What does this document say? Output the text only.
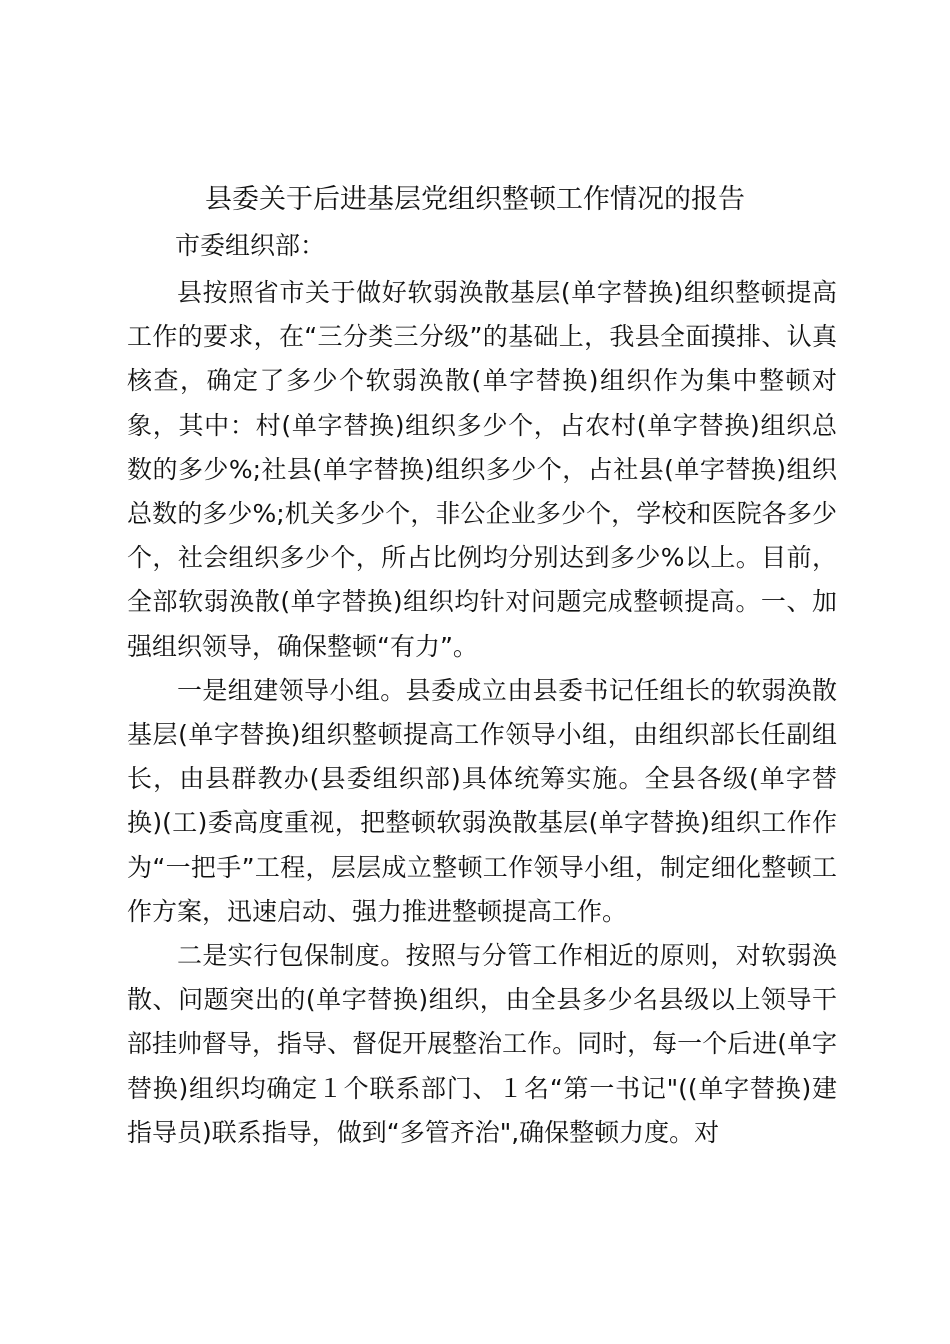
县委关于后进基层党组织整顿工作情况的报告
市委组织部：

县按照省市关于做好软弱涣散基层(单字替换)组织整顿提高工作的要求，在“三分类三分级”的基础上，我县全面摸排、认真核查，确定了多少个软弱涣散(单字替换)组织作为集中整顿对象，其中：村(单字替换)组织多少个，占农村(单字替换)组织总数的多少%;社县(单字替换)组织多少个，占社县(单字替换)组织总数的多少%;机关多少个，非公企业多少个，学校和医院各多少个，社会组织多少个，所占比例均分别达到多少%以上。目前，全部软弱涣散(单字替换)组织均针对问题完成整顿提高。一、加强组织领导，确保整顿“有力”。

一是组建领导小组。县委成立由县委书记任组长的软弱涣散基层(单字替换)组织整顿提高工作领导小组，由组织部长任副组长，由县群教办(县委组织部)具体统筹实施。全县各级(单字替换)(工)委高度重视，把整顿软弱涣散基层(单字替换)组织工作作为“一把手”工程，层层成立整顿工作领导小组，制定细化整顿工作方案，迅速启动、强力推进整顿提高工作。

二是实行包保制度。按照与分管工作相近的原则，对软弱涣散、问题突出的(单字替换)组织，由全县多少名县级以上领导干部挂帅督导，指导、督促开展整治工作。同时，每一个后进(单字替换)组织均确定１个联系部门、１名“第一书记"((单字替换)建指导员)联系指导，做到“多管齐治",确保整顿力度。对
